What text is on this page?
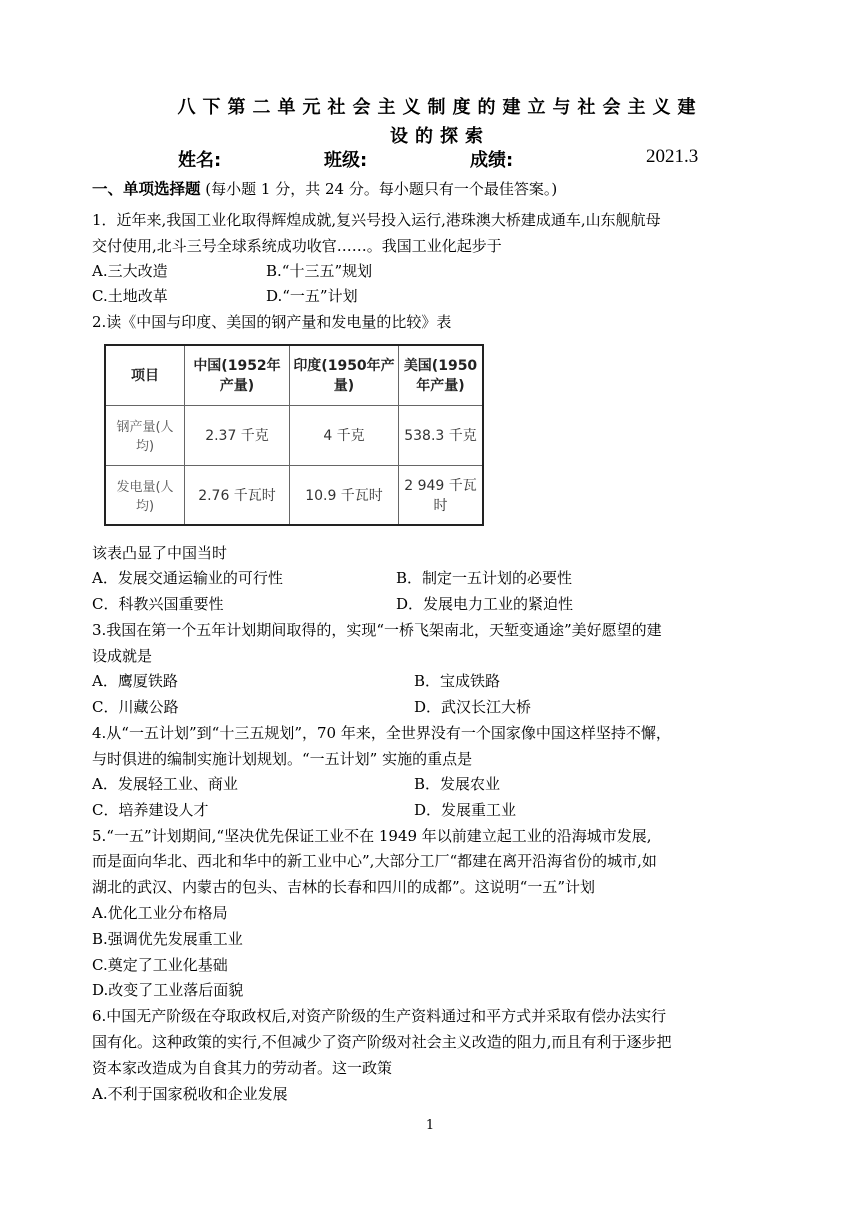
八下第二单元社会主义制度的建立与社会主义建
设的探索
姓名:	班级:	成绩:	2021.3
一、单项选择题 (每小题 1 分，共 24 分。每小题只有一个最佳答案。)
1．近年来,我国工业化取得辉煌成就,复兴号投入运行,港珠澳大桥建成通车,山东舰航母
交付使用,北斗三号全球系统成功收官……。我国工业化起步于
A.三大改造	B.“十三五”规划
C.土地改革	D.“一五”计划
2.读《中国与印度、美国的钢产量和发电量的比较》表
项目	中国(1952年产量)	印度(1950年产量)	美国(1950年产量)
钢产量(人均)	2.37 千克	4 千克	538.3 千克
发电量(人均)	2.76 千瓦时	10.9 千瓦时	2 949 千瓦时
该表凸显了中国当时
A．发展交通运输业的可行性	B．制定一五计划的必要性
C．科教兴国重要性	D．发展电力工业的紧迫性
3.我国在第一个五年计划期间取得的，实现“一桥飞架南北，天堑变通途”美好愿望的建
设成就是
A．鹰厦铁路	B．宝成铁路
C．川藏公路	D．武汉长江大桥
4.从“一五计划”到“十三五规划”，70 年来，全世界没有一个国家像中国这样坚持不懈，
与时俱进的编制实施计划规划。“一五计划” 实施的重点是
A．发展轻工业、商业	B．发展农业
C．培养建设人才	D．发展重工业
5.“一五”计划期间,“坚决优先保证工业不在 1949 年以前建立起工业的沿海城市发展,
而是面向华北、西北和华中的新工业中心”,大部分工厂“都建在离开沿海省份的城市,如
湖北的武汉、内蒙古的包头、吉林的长春和四川的成都”。这说明“一五”计划
A.优化工业分布格局
B.强调优先发展重工业
C.奠定了工业化基础
D.改变了工业落后面貌
6.中国无产阶级在夺取政权后,对资产阶级的生产资料通过和平方式并采取有偿办法实行
国有化。这种政策的实行,不但减少了资产阶级对社会主义改造的阻力,而且有利于逐步把
资本家改造成为自食其力的劳动者。这一政策
A.不利于国家税收和企业发展
1
